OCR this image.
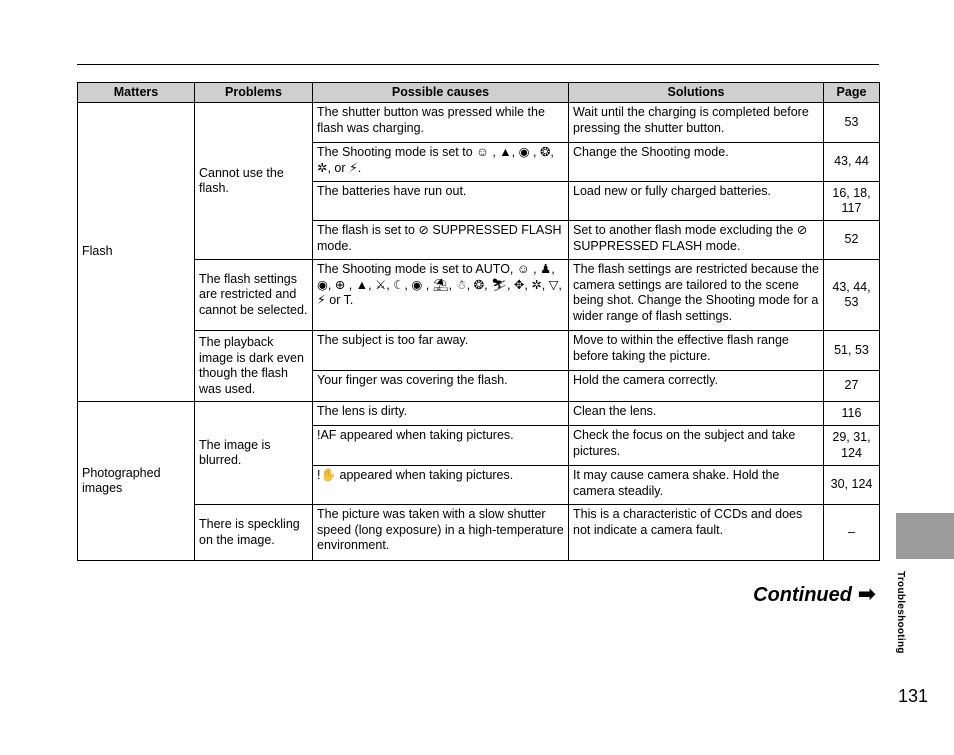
Matters	Problems	Possible causes	Solutions	Page
Flash	Cannot use the flash.	The shutter button was pressed while the flash was charging.	Wait until the charging is completed before pressing the shutter button.	53
		The Shooting mode is set to ☺ , ▲, ◉ , ❂, ✲, or ⚡.	Change the Shooting mode.	43, 44
		The batteries have run out.	Load new or fully charged batteries.	16, 18, 117
		The flash is set to ⊘ SUPPRESSED FLASH mode.	Set to another flash mode excluding the ⊘ SUPPRESSED FLASH mode.	52
	The flash settings are restricted and cannot be selected.	The Shooting mode is set to AUTO, ☺ , ♟, ◉, ⊕ , ▲, ⚔, ☾, ◉ , ⛱, ☃, ❂, ⛷, ✥, ✲, ▽, ⚡ or T.	The flash settings are restricted because the camera settings are tailored to the scene being shot. Change the Shooting mode for a wider range of flash settings.	43, 44, 53
	The playback image is dark even though the flash was used.	The subject is too far away.	Move to within the effective flash range before taking the picture.	51, 53
		Your finger was covering the flash.	Hold the camera correctly.	27
Photographed images	The image is blurred.	The lens is dirty.	Clean the lens.	116
		!AF appeared when taking pictures.	Check the focus on the subject and take pictures.	29, 31, 124
		!✋ appeared when taking pictures.	It may cause camera shake. Hold the camera steadily.	30, 124
	There is speckling on the image.	The picture was taken with a slow shutter speed (long exposure) in a high-temperature environment.	This is a characteristic of CCDs and does not indicate a camera fault.	–
Continued ➡ Troubleshooting
131
